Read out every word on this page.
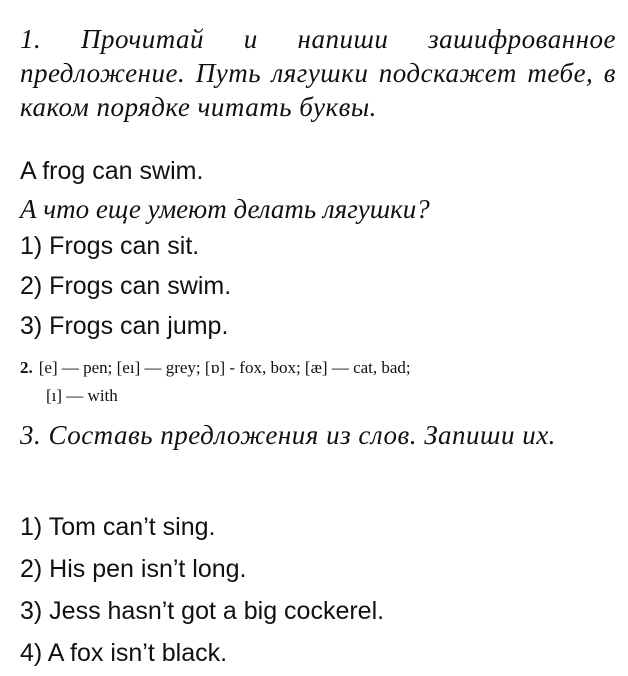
1. Прочитай и напиши зашифрованное предложение. Путь лягушки подскажет тебе, в каком порядке читать буквы.
A frog can swim.
А что еще умеют делать лягушки?
1) Frogs can sit.
2) Frogs can swim.
3) Frogs can jump.
2. [e] — pen; [eı] — grey; [ɒ] - fox, box; [æ] — cat, bad;
[ı] — with
3. Составь предложения из слов. Запиши их.
1) Tom can’t sing.
2) His pen isn’t long.
3) Jess hasn’t got a big cockerel.
4) A fox isn’t black.
